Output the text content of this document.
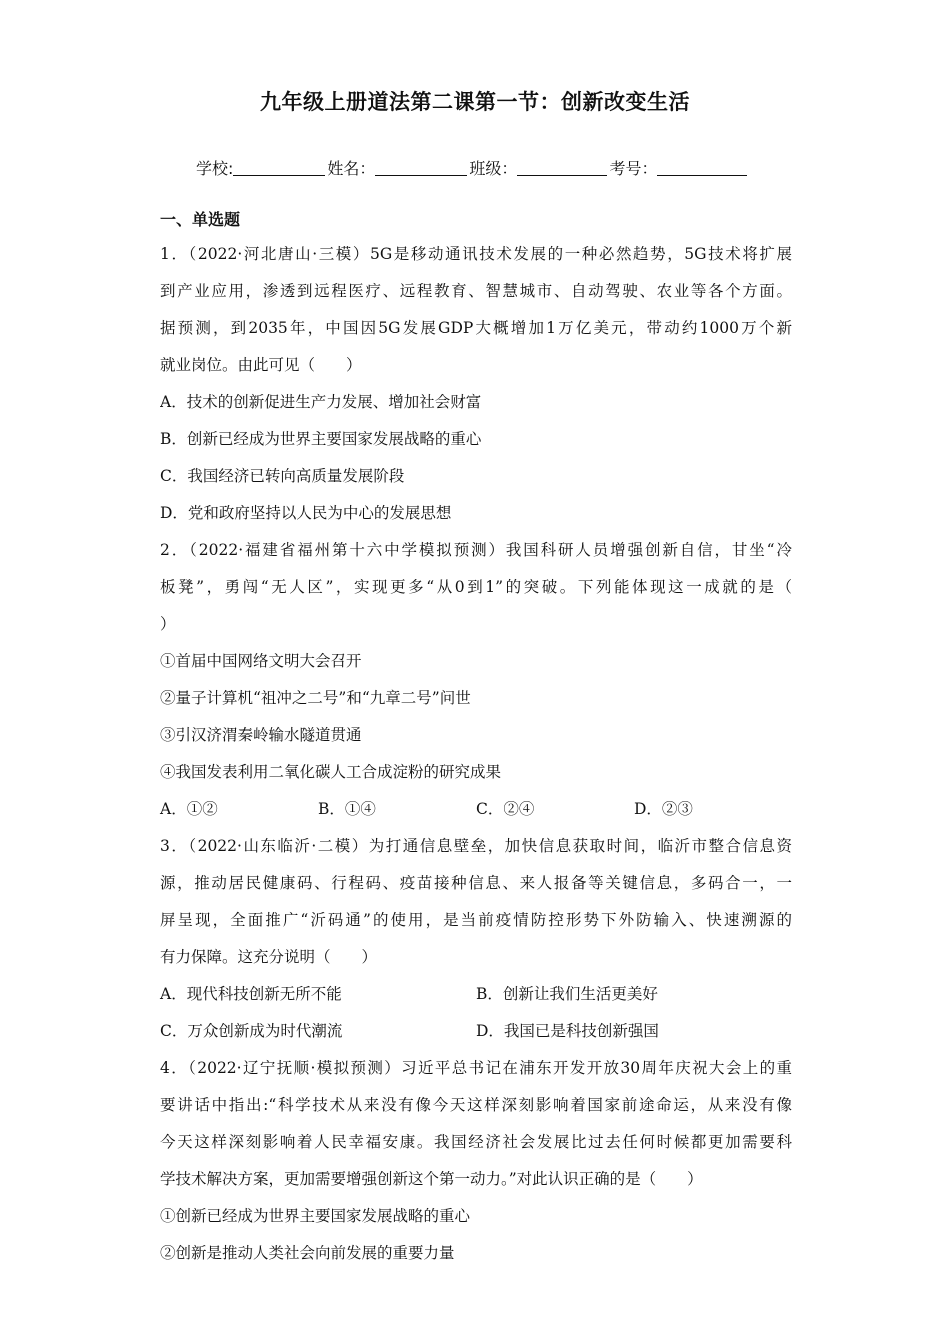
九年级上册道法第二课第一节：创新改变生活
学校:	姓名：	班级：	考号：
一、单选题
1．（2022·河北唐山·三模）5G是移动通讯技术发展的一种必然趋势，5G技术将扩展
到产业应用，渗透到远程医疗、远程教育、智慧城市、自动驾驶、农业等各个方面。
据预测，到2035年，中国因5G发展GDP大概增加1万亿美元，带动约1000万个新
就业岗位。由此可见（　　）
A．技术的创新促进生产力发展、增加社会财富
B．创新已经成为世界主要国家发展战略的重心
C．我国经济已转向高质量发展阶段
D．党和政府坚持以人民为中心的发展思想
2．（2022·福建省福州第十六中学模拟预测）我国科研人员增强创新自信，甘坐“冷
板凳”，勇闯“无人区”，实现更多“从0到1”的突破。下列能体现这一成就的是（
）
①首届中国网络文明大会召开
②量子计算机“祖冲之二号”和“九章二号”问世
③引汉济渭秦岭输水隧道贯通
④我国发表利用二氧化碳人工合成淀粉的研究成果
A．①②	B．①④	C．②④	D．②③
3．（2022·山东临沂·二模）为打通信息壁垒，加快信息获取时间，临沂市整合信息资
源，推动居民健康码、行程码、疫苗接种信息、来人报备等关键信息，多码合一，一
屏呈现，全面推广“沂码通”的使用，是当前疫情防控形势下外防输入、快速溯源的
有力保障。这充分说明（　　）
A．现代科技创新无所不能	B．创新让我们生活更美好
C．万众创新成为时代潮流	D．我国已是科技创新强国
4．（2022·辽宁抚顺·模拟预测）习近平总书记在浦东开发开放30周年庆祝大会上的重
要讲话中指出:“科学技术从来没有像今天这样深刻影响着国家前途命运，从来没有像
今天这样深刻影响着人民幸福安康。我国经济社会发展比过去任何时候都更加需要科
学技术解决方案，更加需要增强创新这个第一动力。”对此认识正确的是（　　）
①创新已经成为世界主要国家发展战略的重心
②创新是推动人类社会向前发展的重要力量
